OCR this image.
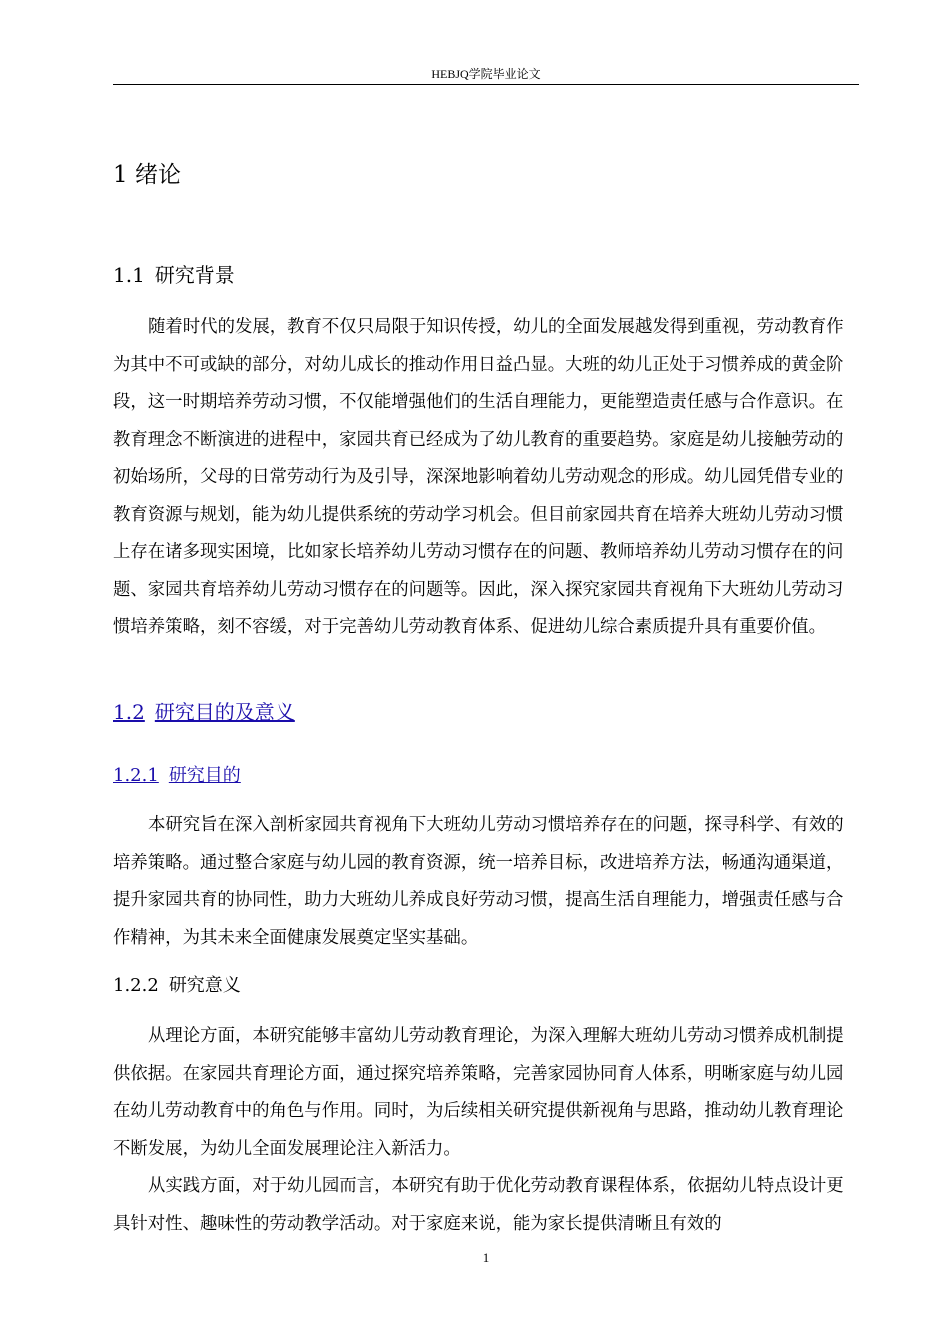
HEBJQ学院毕业论文
1 绪论
1.1 研究背景

随着时代的发展，教育不仅只局限于知识传授，幼儿的全面发展越发得到重视，劳动教育作为其中不可或缺的部分，对幼儿成长的推动作用日益凸显。大班的幼儿正处于习惯养成的黄金阶段，这一时期培养劳动习惯，不仅能增强他们的生活自理能力，更能塑造责任感与合作意识。在教育理念不断演进的进程中，家园共育已经成为了幼儿教育的重要趋势。家庭是幼儿接触劳动的初始场所，父母的日常劳动行为及引导，深深地影响着幼儿劳动观念的形成。幼儿园凭借专业的教育资源与规划，能为幼儿提供系统的劳动学习机会。但目前家园共育在培养大班幼儿劳动习惯上存在诸多现实困境，比如家长培养幼儿劳动习惯存在的问题、教师培养幼儿劳动习惯存在的问题、家园共育培养幼儿劳动习惯存在的问题等。因此，深入探究家园共育视角下大班幼儿劳动习惯培养策略，刻不容缓，对于完善幼儿劳动教育体系、促进幼儿综合素质提升具有重要价值。

1.2 研究目的及意义
1.2.1 研究目的

本研究旨在深入剖析家园共育视角下大班幼儿劳动习惯培养存在的问题，探寻科学、有效的培养策略。通过整合家庭与幼儿园的教育资源，统一培养目标，改进培养方法，畅通沟通渠道，提升家园共育的协同性，助力大班幼儿养成良好劳动习惯，提高生活自理能力，增强责任感与合作精神，为其未来全面健康发展奠定坚实基础。

1.2.2 研究意义

从理论方面，本研究能够丰富幼儿劳动教育理论，为深入理解大班幼儿劳动习惯养成机制提供依据。在家园共育理论方面，通过探究培养策略，完善家园协同育人体系，明晰家庭与幼儿园在幼儿劳动教育中的角色与作用。同时，为后续相关研究提供新视角与思路，推动幼儿教育理论不断发展，为幼儿全面发展理论注入新活力。

从实践方面，对于幼儿园而言，本研究有助于优化劳动教育课程体系，依据幼儿特点设计更具针对性、趣味性的劳动教学活动。对于家庭来说，能为家长提供清晰且有效的

1
